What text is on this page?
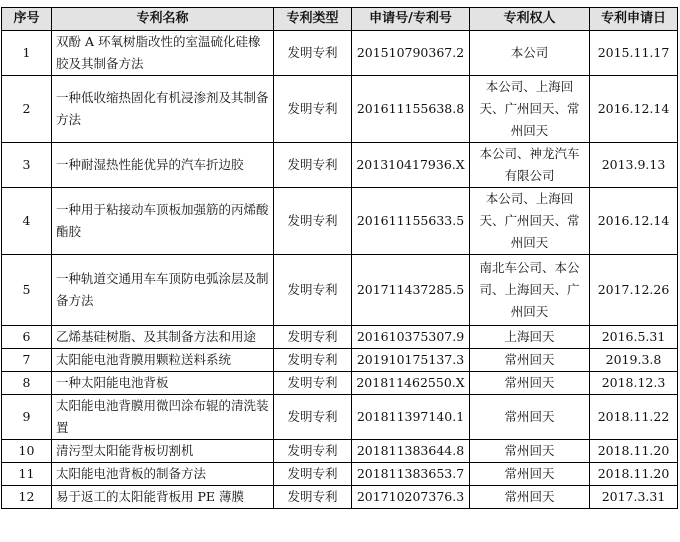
序号	专利名称	专利类型	申请号/专利号	专利权人	专利申请日
1	双酚 A 环氧树脂改性的室温硫化硅橡胶及其制备方法	发明专利	201510790367.2	本公司	2015.11.17
2	一种低收缩热固化有机浸渗剂及其制备方法	发明专利	201611155638.8	本公司、上海回天、广州回天、常州回天	2016.12.14
3	一种耐湿热性能优异的汽车折边胶	发明专利	201310417936.X	本公司、神龙汽车有限公司	2013.9.13
4	一种用于粘接动车顶板加强筋的丙烯酸酯胶	发明专利	201611155633.5	本公司、上海回天、广州回天、常州回天	2016.12.14
5	一种轨道交通用车车顶防电弧涂层及制备方法	发明专利	201711437285.5	南北车公司、本公司、上海回天、广州回天	2017.12.26
6	乙烯基硅树脂、及其制备方法和用途	发明专利	201610375307.9	上海回天	2016.5.31
7	太阳能电池背膜用颗粒送料系统	发明专利	201910175137.3	常州回天	2019.3.8
8	一种太阳能电池背板	发明专利	201811462550.X	常州回天	2018.12.3
9	太阳能电池背膜用微凹涂布辊的清洗装置	发明专利	201811397140.1	常州回天	2018.11.22
10	清污型太阳能背板切割机	发明专利	201811383644.8	常州回天	2018.11.20
11	太阳能电池背板的制备方法	发明专利	201811383653.7	常州回天	2018.11.20
12	易于返工的太阳能背板用 PE 薄膜	发明专利	201710207376.3	常州回天	2017.3.31
